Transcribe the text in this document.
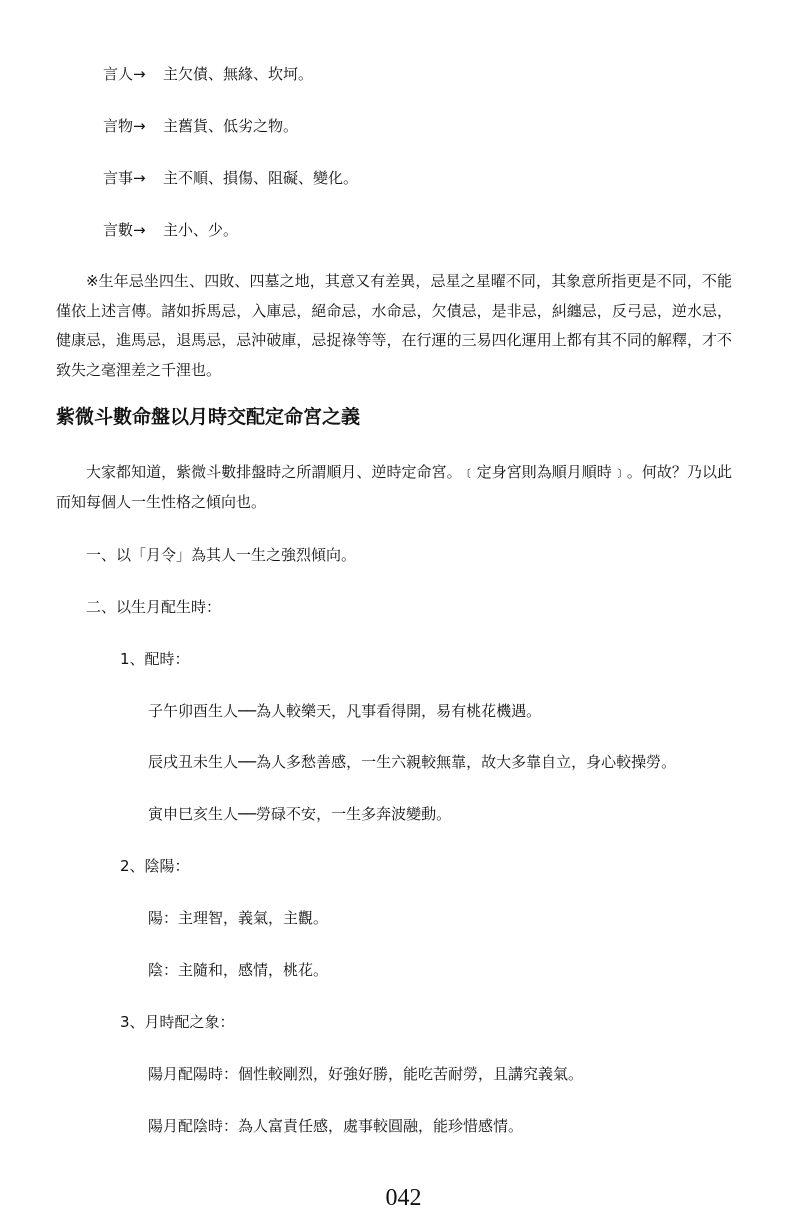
言人→ 主欠債、無緣、坎坷。
言物→ 主舊貨、低劣之物。
言事→ 主不順、損傷、阻礙、變化。
言數→ 主小、少。
※生年忌坐四生、四敗、四墓之地，其意又有差異，忌星之星曜不同，其象意所指更是不同，不能僅依上述言傳。諸如拆馬忌，入庫忌，絕命忌，水命忌，欠債忌，是非忌，糾纏忌，反弓忌，逆水忌，健康忌，進馬忌，退馬忌，忌沖破庫，忌捉祿等等，在行運的三易四化運用上都有其不同的解釋，才不致失之毫浬差之千浬也。
紫微斗數命盤以月時交配定命宮之義
大家都知道，紫微斗數排盤時之所謂順月、逆時定命宮。﹝定身宮則為順月順時﹞。何故？乃以此而知每個人一生性格之傾向也。
一、以「月令」為其人一生之強烈傾向。
二、以生月配生時：
1、配時：
子午卯酉生人──為人較樂天，凡事看得開，易有桃花機遇。
辰戌丑未生人──為人多愁善感，一生六親較無靠，故大多靠自立，身心較操勞。
寅申巳亥生人──勞碌不安，一生多奔波變動。
2、陰陽：
陽：主理智，義氣，主觀。
陰：主隨和，感情，桃花。
3、月時配之象：
陽月配陽時：個性較剛烈，好強好勝，能吃苦耐勞，且講究義氣。
陽月配陰時：為人富責任感，處事較圓融，能珍惜感情。
042
